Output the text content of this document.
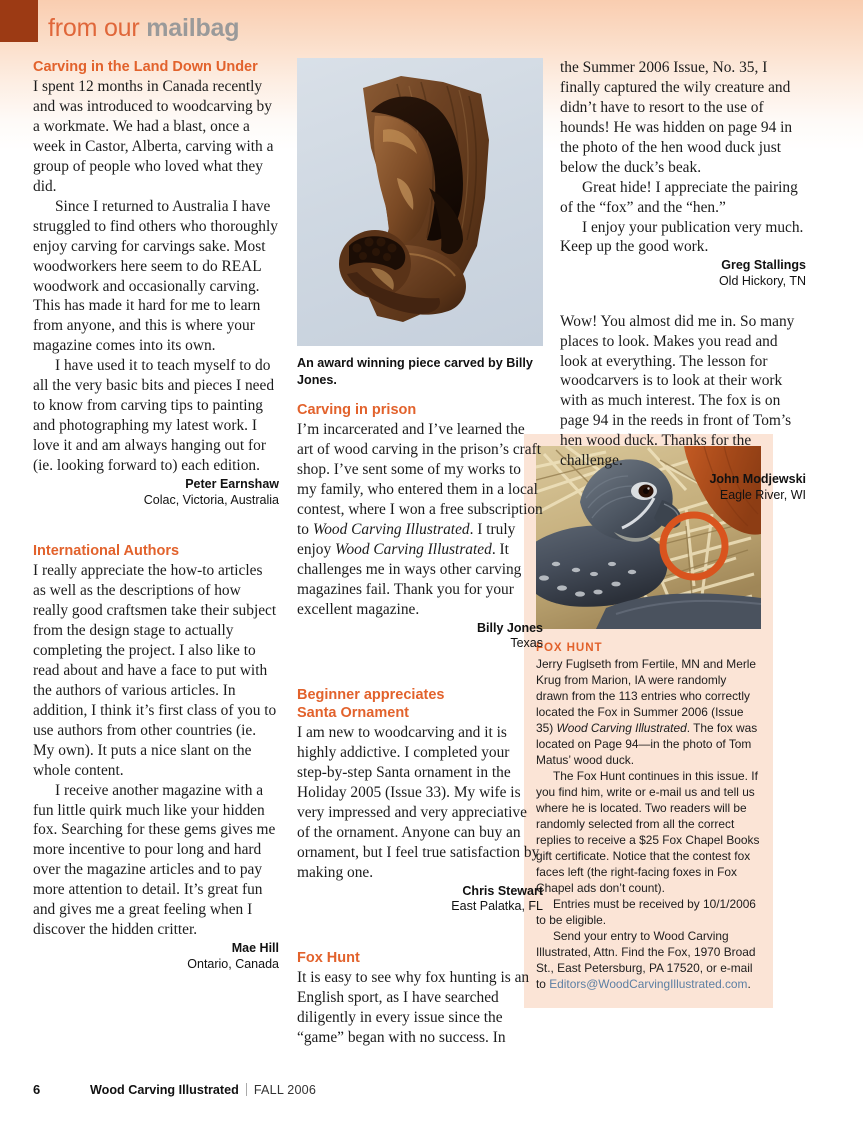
from our mailbag
Carving in the Land Down Under
I spent 12 months in Canada recently and was introduced to woodcarving by a workmate. We had a blast, once a week in Castor, Alberta, carving with a group of people who loved what they did.
Since I returned to Australia I have struggled to find others who thoroughly enjoy carving for carvings sake. Most woodworkers here seem to do REAL woodwork and occasionally carving. This has made it hard for me to learn from anyone, and this is where your magazine comes into its own.
I have used it to teach myself to do all the very basic bits and pieces I need to know from carving tips to painting and photographing my latest work. I love it and am always hanging out for (ie. looking forward to) each edition.
Peter Earnshaw
Colac, Victoria, Australia
International Authors
I really appreciate the how-to articles as well as the descriptions of how really good craftsmen take their subject from the design stage to actually completing the project. I also like to read about and have a face to put with the authors of various articles. In addition, I think it’s first class of you to use authors from other countries (ie. My own). It puts a nice slant on the whole content.
I receive another magazine with a fun little quirk much like your hidden fox. Searching for these gems gives me more incentive to pour long and hard over the magazine articles and to pay more attention to detail. It’s great fun and gives me a great feeling when I discover the hidden critter.
Mae Hill
Ontario, Canada
An award winning piece carved by Billy Jones.
Carving in prison
I’m incarcerated and I’ve learned the art of wood carving in the prison’s craft shop. I’ve sent some of my works to my family, who entered them in a local contest, where I won a free subscription to Wood Carving Illustrated. I truly enjoy Wood Carving Illustrated. It challenges me in ways other carving magazines fail. Thank you for your excellent magazine.
Billy Jones
Texas
Beginner appreciates
Santa Ornament
I am new to woodcarving and it is highly addictive. I completed your step-by-step Santa ornament in the Holiday 2005 (Issue 33). My wife is very impressed and very appreciative of the ornament. Anyone can buy an ornament, but I feel true satisfaction by making one.
Chris Stewart
East Palatka, FL
Fox Hunt
It is easy to see why fox hunting is an English sport, as I have searched diligently in every issue since the “game” began with no success. In
the Summer 2006 Issue, No. 35, I finally captured the wily creature and didn’t have to resort to the use of hounds! He was hidden on page 94 in the photo of the hen wood duck just below the duck’s beak.
Great hide! I appreciate the pairing of the “fox” and the “hen.”
I enjoy your publication very much. Keep up the good work.
Greg Stallings
Old Hickory, TN
Wow! You almost did me in. So many places to look. Makes you read and look at everything. The lesson for woodcarvers is to look at their work with as much interest. The fox is on page 94 in the reeds in front of Tom’s hen wood duck. Thanks for the challenge.
John Modjewski
Eagle River, WI
FOX HUNT
Jerry Fuglseth from Fertile, MN and Merle Krug from Marion, IA were randomly drawn from the 113 entries who correctly located the Fox in Summer 2006 (Issue 35) Wood Carving Illustrated. The fox was located on Page 94—in the photo of Tom Matus’ wood duck.
The Fox Hunt continues in this issue. If you find him, write or e-mail us and tell us where he is located. Two readers will be randomly selected from all the correct replies to receive a $25 Fox Chapel Books gift certificate. Notice that the contest fox faces left (the right-facing foxes in Fox Chapel ads don’t count).
Entries must be received by 10/1/2006 to be eligible.
Send your entry to Wood Carving Illustrated, Attn. Find the Fox, 1970 Broad St., East Petersburg, PA 17520, or e-mail to Editors@WoodCarvingIllustrated.com.
6	Wood Carving Illustrated FALL 2006
